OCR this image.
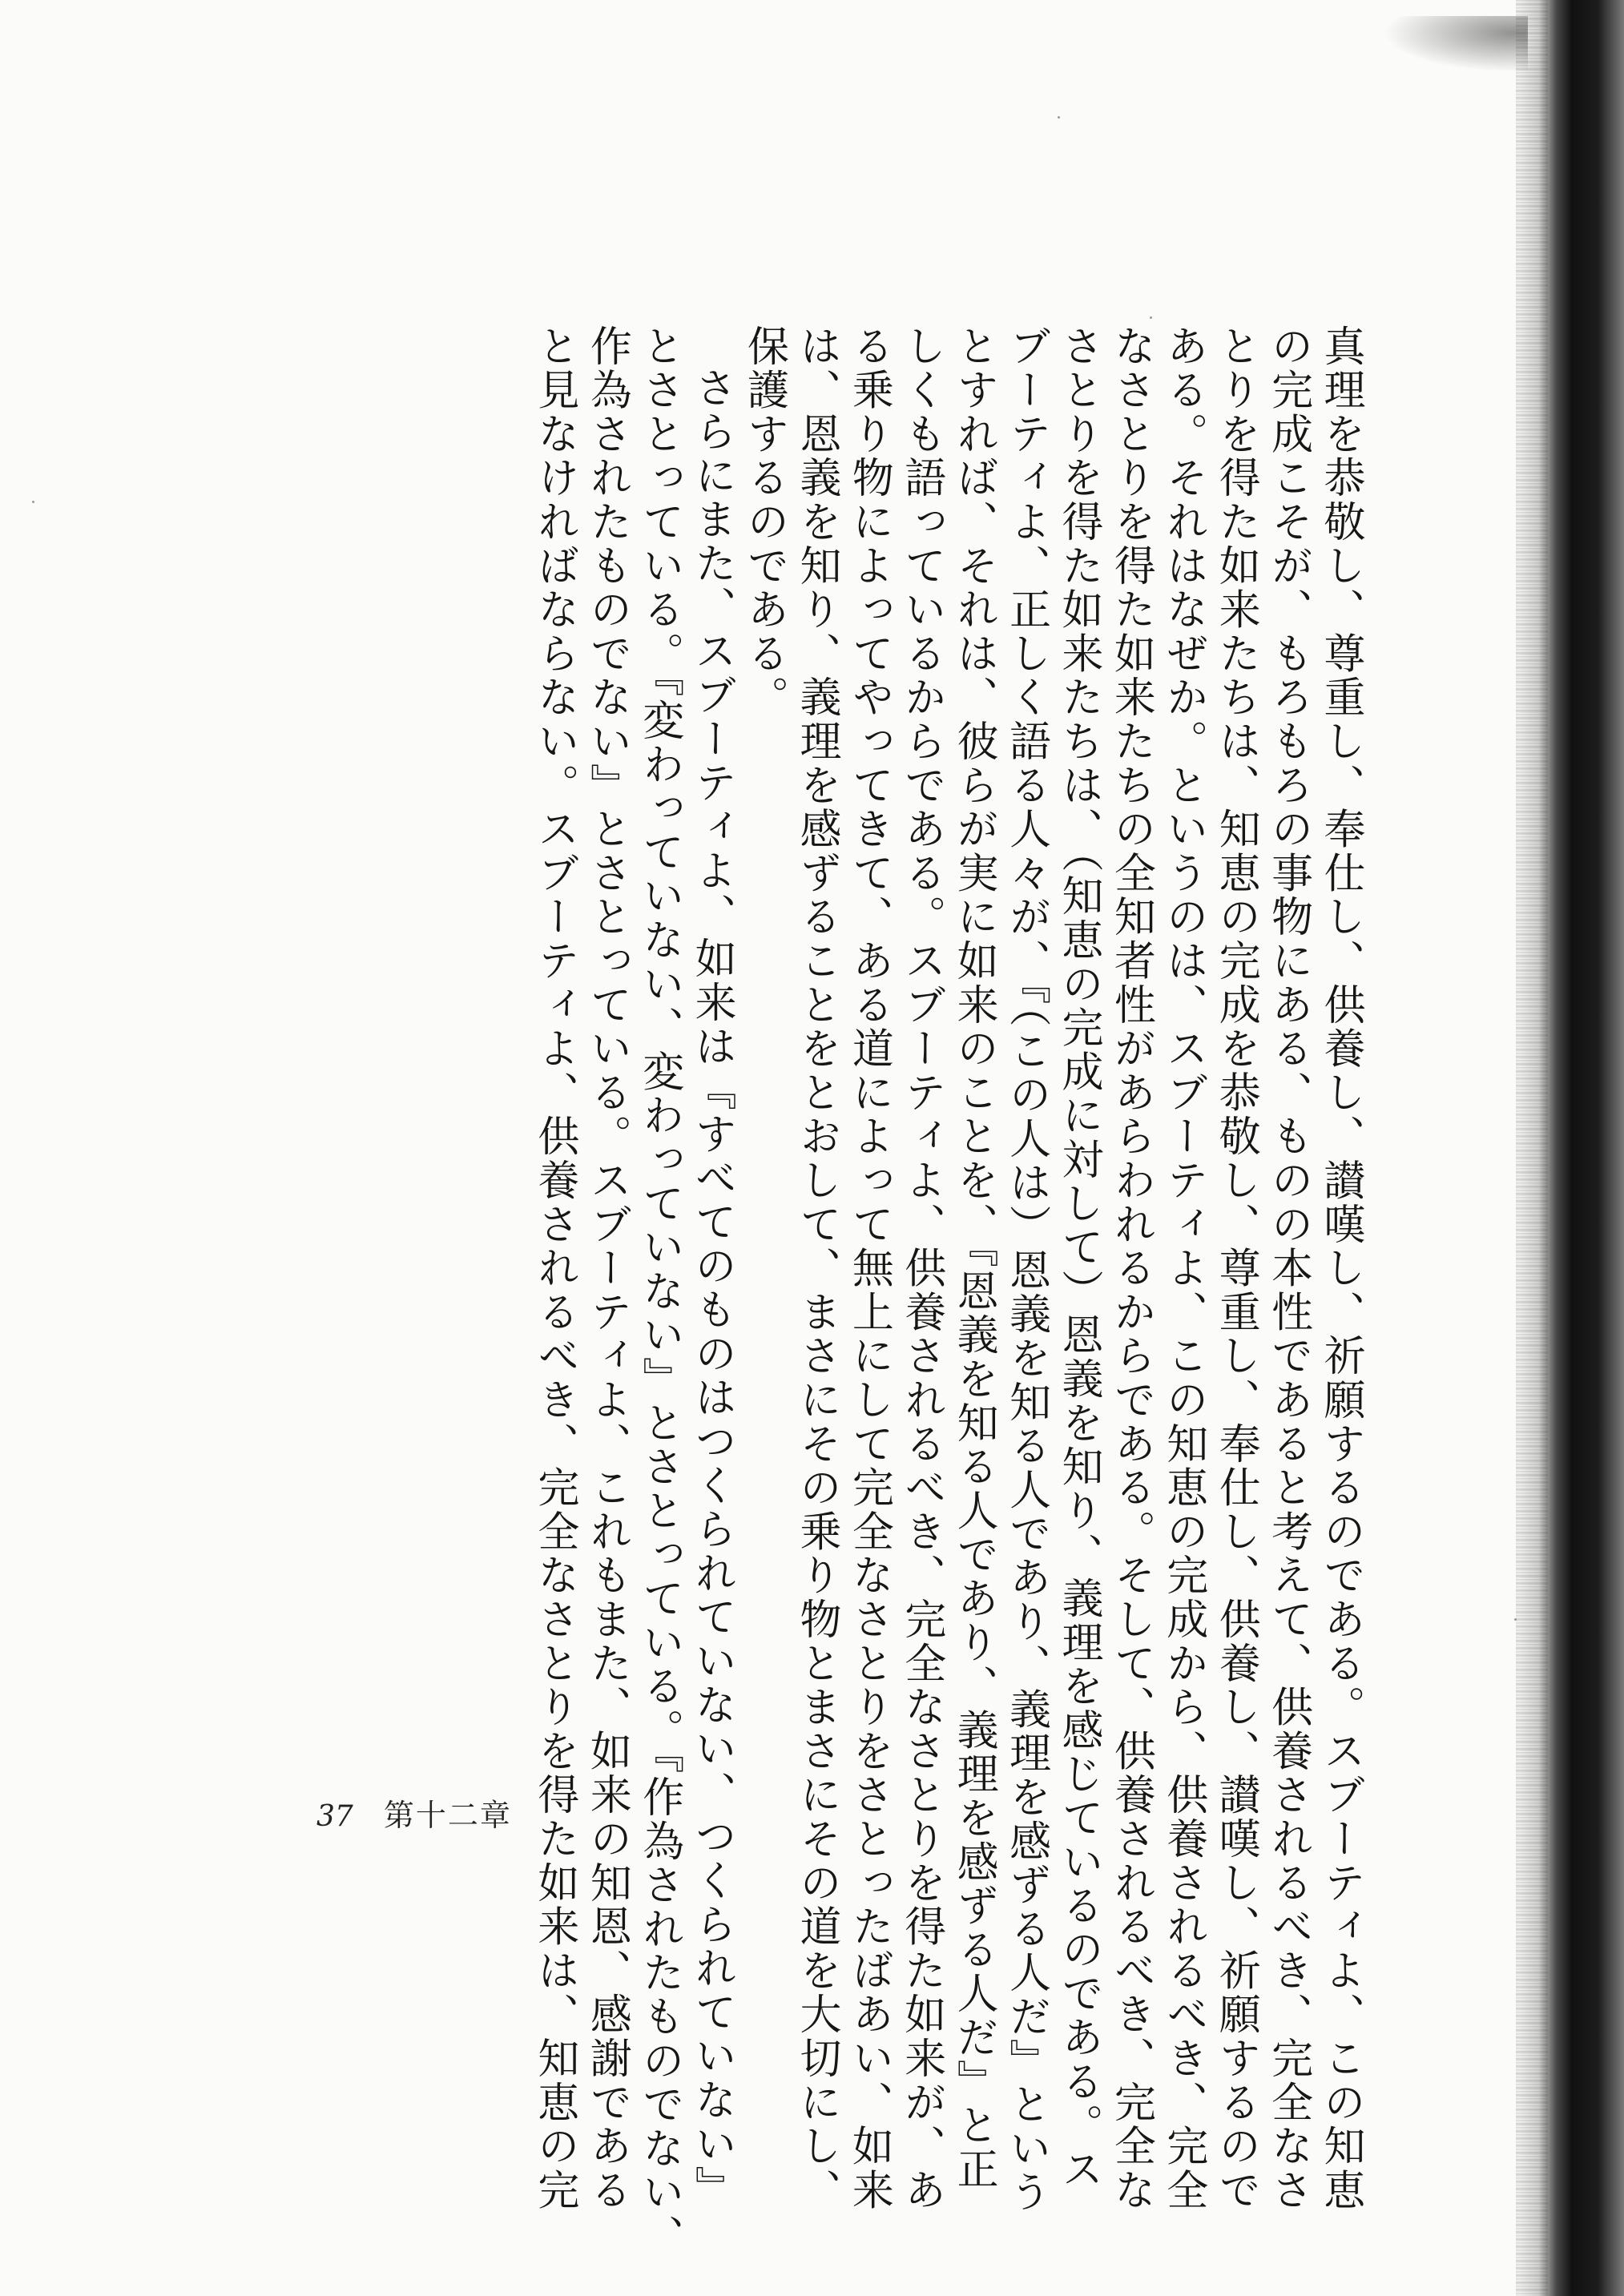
真理を恭敬し、尊重し、奉仕し、供養し、讃嘆し、祈願するのである。スブーティよ、この知恵

の完成こそが、もろもろの事物にある、ものの本性であると考えて、供養されるべき、完全なさ

とりを得た如来たちは、知恵の完成を恭敬し、尊重し、奉仕し、供養し、讃嘆し、祈願するので

ある。それはなぜか。というのは、スブーティよ、この知恵の完成から、供養されるべき、完全

なさとりを得た如来たちの全知者性があらわれるからである。そして、供養されるべき、完全な

さとりを得た如来たちは、（知恵の完成に対して）恩義を知り、義理を感じているのである。ス

ブーティよ、正しく語る人々が、『（この人は）恩義を知る人であり、義理を感ずる人だ』という

とすれば、それは、彼らが実に如来のことを、『恩義を知る人であり、義理を感ずる人だ』と正

しくも語っているからである。スブーティよ、供養されるべき、完全なさとりを得た如来が、あ

る乗り物によってやってきて、ある道によって無上にして完全なさとりをさとったばあい、如来

は、恩義を知り、義理を感ずることをとおして、まさにその乗り物とまさにその道を大切にし、

保護するのである。

さらにまた、スブーティよ、如来は『すべてのものはつくられていない、つくられていない』

とさとっている。『変わっていない、変わっていない』とさとっている。『作為されたものでない、

作為されたものでない』とさとっている。スブーティよ、これもまた、如来の知恩、感謝である

と見なければならない。スブーティよ、供養されるべき、完全なさとりを得た如来は、知恵の完

37 第十二章
